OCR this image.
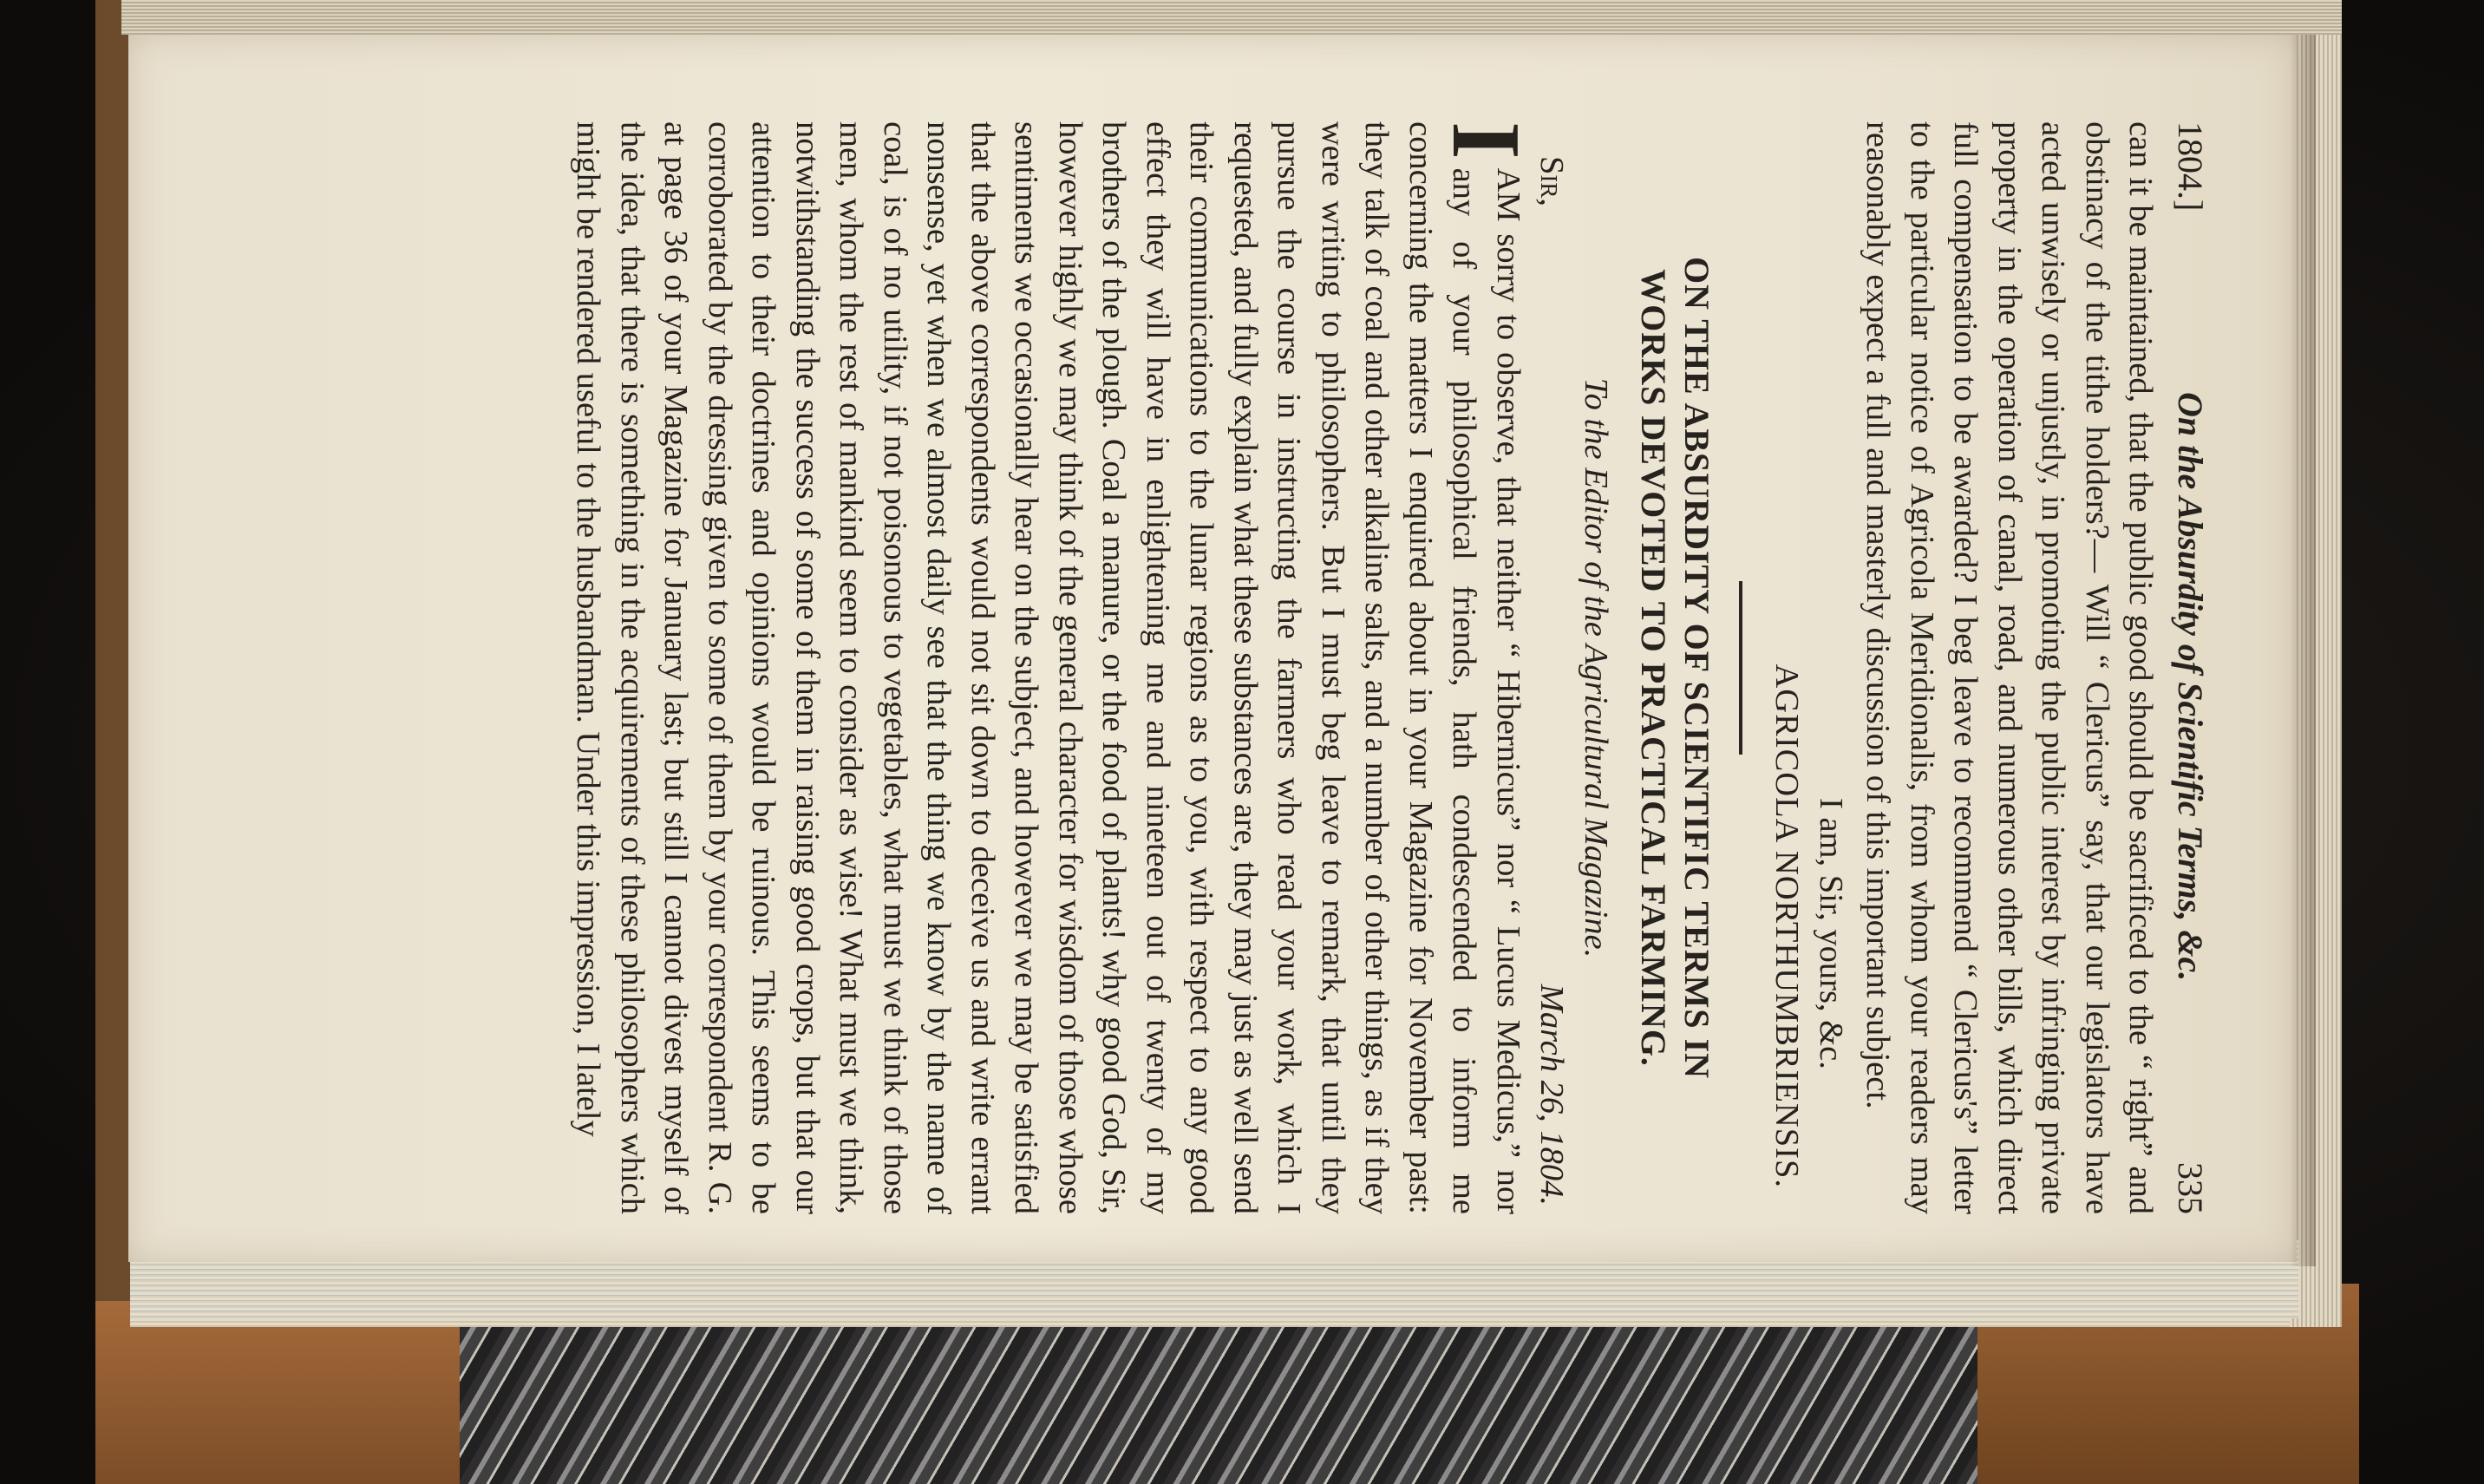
1804.]
On the Absurdity of Scientific Terms, &c.
335

can it be maintained, that the public good should be sacrificed to the “ right” and obstinacy of the tithe holders?— Will “ Clericus” say, that our legislators have acted unwisely or unjustly, in promoting the public interest by infringing private property in the operation of canal, road, and numerous other bills, which direct full compensation to be awarded? I beg leave to recommend “ Clericus's” letter to the particular notice of Agricola Meridionalis, from whom your readers may reasonably expect a full and masterly discussion of this important subject.

I am, Sir, yours, &c.

AGRICOLA NORTHUMBRIENSIS.

ON THE ABSURDITY OF SCIENTIFIC TERMS IN

WORKS DEVOTED TO PRACTICAL FARMING.

To the Editor of the Agricultural Magazine.

Sir,
March 26, 1804.

I
AM sorry to observe, that neither “ Hibernicus” nor “ Lucus Medicus,” nor any of your philosophical friends, hath condescended to inform me concerning the matters I enquired about in your Magazine for November past: they talk of coal and other alkaline salts, and a number of other things, as if they were writing to philosophers. But I must beg leave to remark, that until they pursue the course in instructing the farmers who read your work, which I requested, and fully explain what these substances are, they may just as well send their communications to the lunar regions as to you, with respect to any good effect they will have in enlightening me and nineteen out of twenty of my brothers of the plough. Coal a manure, or the food of plants! why good God, Sir, however highly we may think of the general character for wisdom of those whose sentiments we occasionally hear on the subject, and however we may be satisfied that the above correspondents would not sit down to deceive us and write errant nonsense, yet when we almost daily see that the thing we know by the name of coal, is of no utility, if not poisonous to vegetables, what must we think of those men, whom the rest of mankind seem to consider as wise! What must we think, notwithstanding the success of some of them in raising good crops, but that our attention to their doctrines and opinions would be ruinous. This seems to be corroborated by the dressing given to some of them by your correspondent R. G. at page 36 of your Magazine for January last; but still I cannot divest myself of the idea, that there is something in the acquirements of these philosophers which might be rendered useful to the husbandman. Under this impression, I lately
